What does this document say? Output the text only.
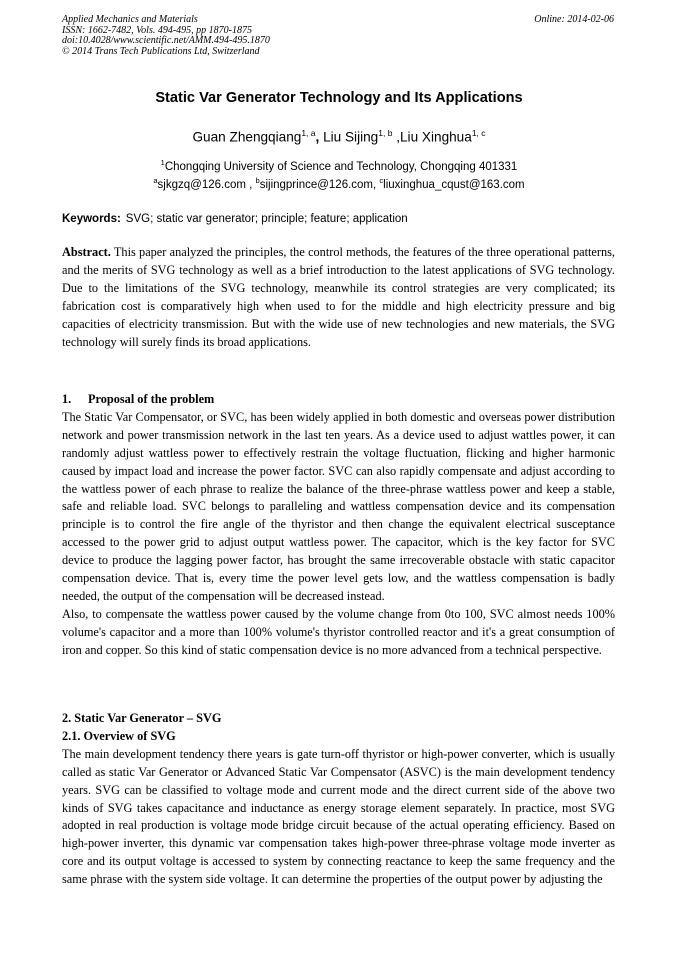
Applied Mechanics and Materials
ISSN: 1662-7482, Vols. 494-495, pp 1870-1875
doi:10.4028/www.scientific.net/AMM.494-495.1870
© 2014 Trans Tech Publications Ltd, Switzerland
Online: 2014-02-06
Static Var Generator Technology and Its Applications
Guan Zhengqiang$^{1, a}$, Liu Sijing$^{1, b}$ ,Liu Xinghua$^{1, c}$
$^1$Chongqing University of Science and Technology, Chongqing 401331
$^a$sjkgzq@126.com , $^b$sijingprince@126.com, $^c$liuxinghua_cqust@163.com
Keywords: SVG; static var generator; principle; feature; application

Abstract. This paper analyzed the principles, the control methods, the features of the three operational patterns, and the merits of SVG technology as well as a brief introduction to the latest applications of SVG technology. Due to the limitations of the SVG technology, meanwhile its control strategies are very complicated; its fabrication cost is comparatively high when used to for the middle and high electricity pressure and big capacities of electricity transmission. But with the wide use of new technologies and new materials, the SVG technology will surely finds its broad applications.

1. Proposal of the problem

The Static Var Compensator, or SVC, has been widely applied in both domestic and overseas power distribution network and power transmission network in the last ten years. As a device used to adjust wattles power, it can randomly adjust wattless power to effectively restrain the voltage fluctuation, flicking and higher harmonic caused by impact load and increase the power factor. SVC can also rapidly compensate and adjust according to the wattless power of each phrase to realize the balance of the three-phrase wattless power and keep a stable, safe and reliable load. SVC belongs to paralleling and wattless compensation device and its compensation principle is to control the fire angle of the thyristor and then change the equivalent electrical susceptance accessed to the power grid to adjust output wattless power. The capacitor, which is the key factor for SVC device to produce the lagging power factor, has brought the same irrecoverable obstacle with static capacitor compensation device. That is, every time the power level gets low, and the wattless compensation is badly needed, the output of the compensation will be decreased instead.

Also, to compensate the wattless power caused by the volume change from 0to 100, SVC almost needs 100% volume's capacitor and a more than 100% volume's thyristor controlled reactor and it's a great consumption of iron and copper. So this kind of static compensation device is no more advanced from a technical perspective.

2. Static Var Generator – SVG

2.1. Overview of SVG

The main development tendency there years is gate turn-off thyristor or high-power converter, which is usually called as static Var Generator or Advanced Static Var Compensator (ASVC) is the main development tendency years. SVG can be classified to voltage mode and current mode and the direct current side of the above two kinds of SVG takes capacitance and inductance as energy storage element separately. In practice, most SVG adopted in real production is voltage mode bridge circuit because of the actual operating efficiency. Based on high-power inverter, this dynamic var compensation takes high-power three-phrase voltage mode inverter as core and its output voltage is accessed to system by connecting reactance to keep the same frequency and the same phrase with the system side voltage. It can determine the properties of the output power by adjusting the
